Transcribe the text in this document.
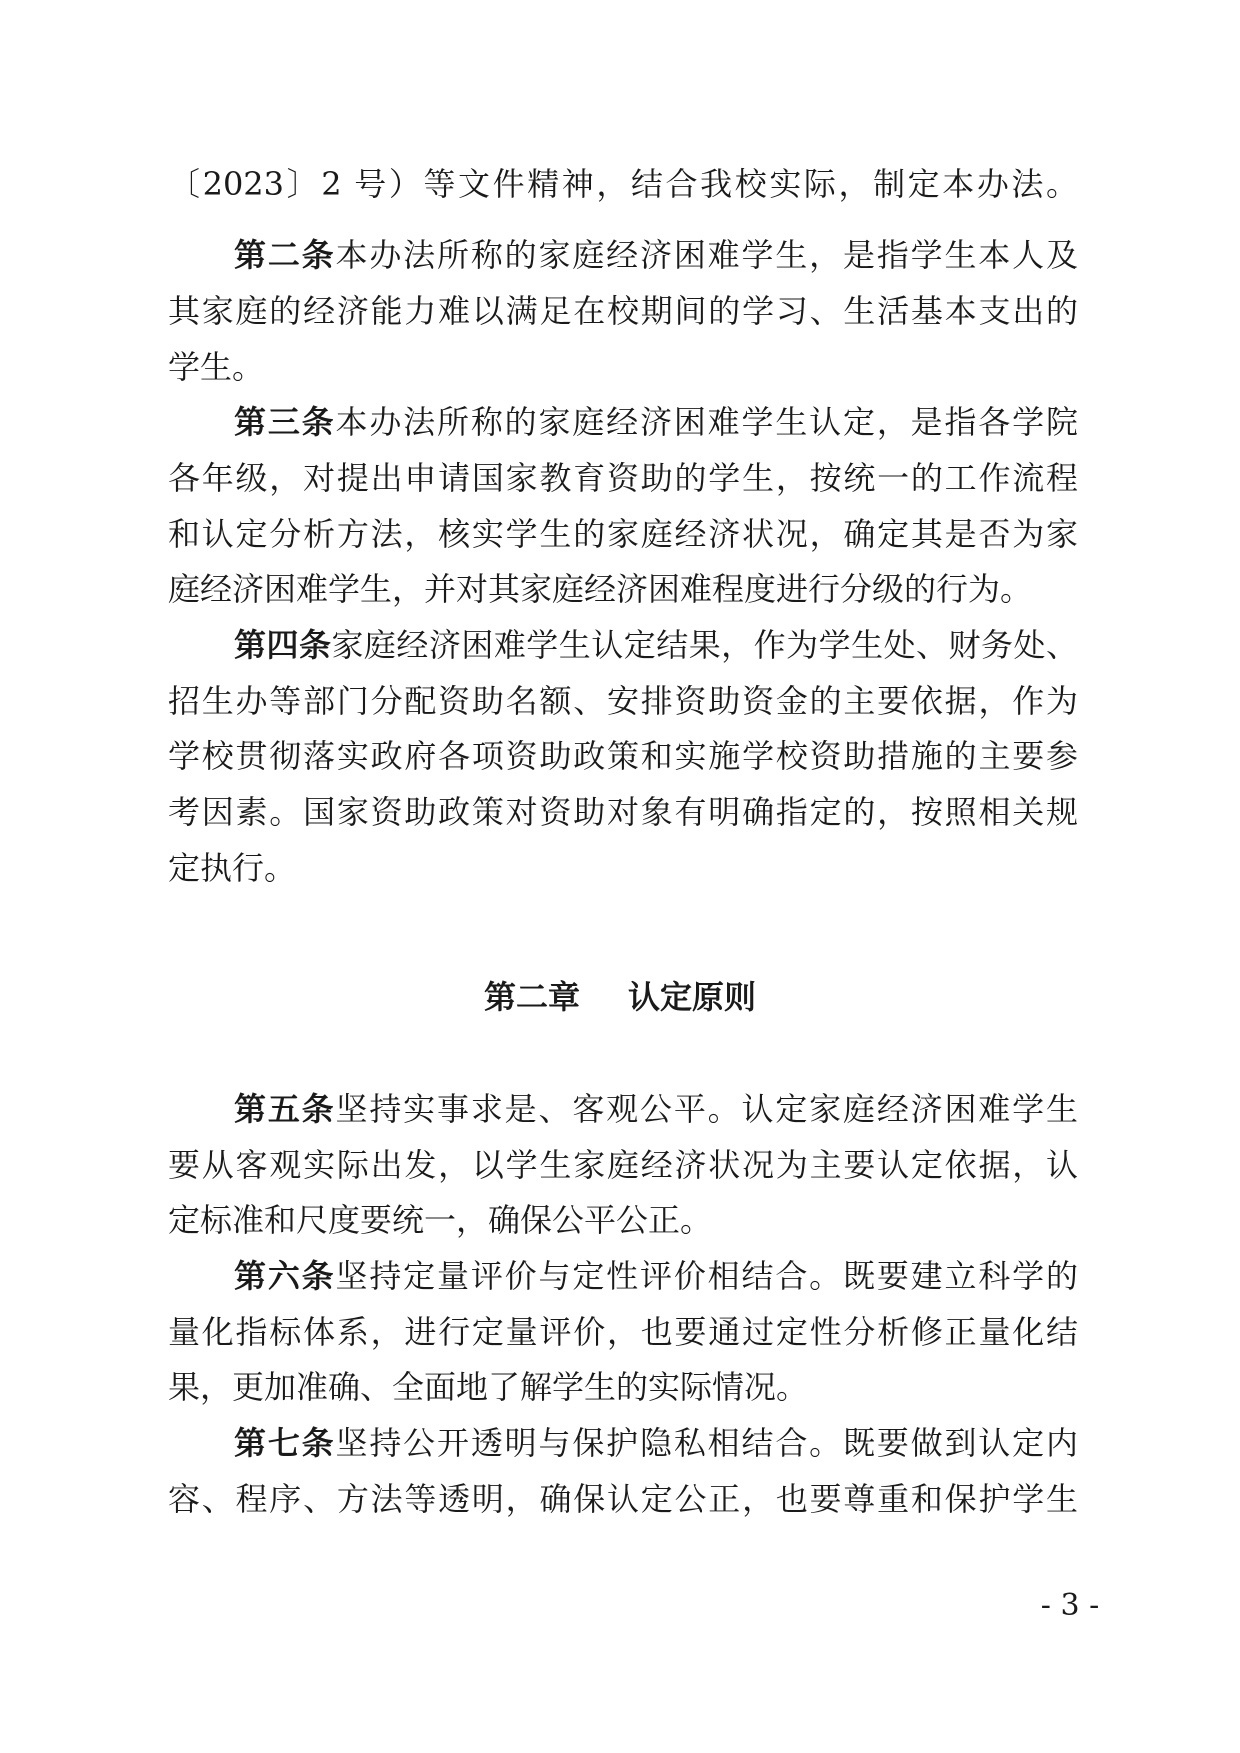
〔2023〕2 号）等文件精神，结合我校实际，制定本办法。
第二条本办法所称的家庭经济困难学生，是指学生本人及
其家庭的经济能力难以满足在校期间的学习、生活基本支出的
学生。
第三条本办法所称的家庭经济困难学生认定，是指各学院
各年级，对提出申请国家教育资助的学生，按统一的工作流程
和认定分析方法，核实学生的家庭经济状况，确定其是否为家
庭经济困难学生，并对其家庭经济困难程度进行分级的行为。
第四条家庭经济困难学生认定结果，作为学生处、财务处、
招生办等部门分配资助名额、安排资助资金的主要依据，作为
学校贯彻落实政府各项资助政策和实施学校资助措施的主要参
考因素。国家资助政策对资助对象有明确指定的，按照相关规
定执行。
第二章 认定原则
第五条坚持实事求是、客观公平。认定家庭经济困难学生
要从客观实际出发，以学生家庭经济状况为主要认定依据，认
定标准和尺度要统一，确保公平公正。
第六条坚持定量评价与定性评价相结合。既要建立科学的
量化指标体系，进行定量评价，也要通过定性分析修正量化结
果，更加准确、全面地了解学生的实际情况。
第七条坚持公开透明与保护隐私相结合。既要做到认定内
容、程序、方法等透明，确保认定公正，也要尊重和保护学生
- 3 -
